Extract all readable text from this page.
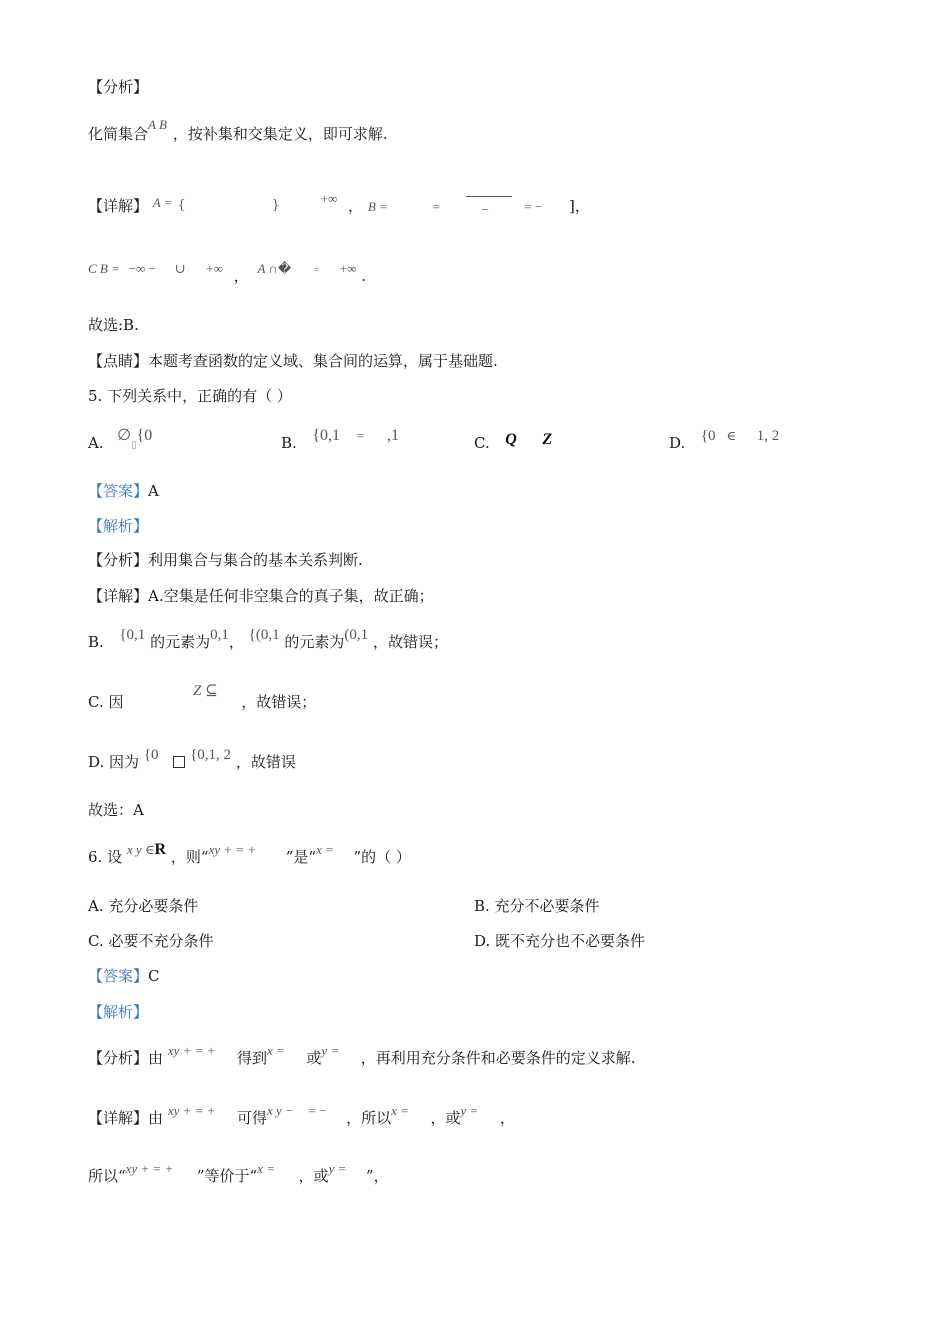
【分析】
化简集合A B，按补集和交集定义，即可求解.
【详解】 A = {	}	+∞ ， B =	=	−	= − ]，
C B = −∞ − ∪ +∞ ， A ∩�	= +∞ .
故选:B.
【点睛】本题考查函数的定义域、集合间的运算，属于基础题.
5. 下列关系中，正确的有（ ）
A. ∅▯{0	B. {0,1 = ,1	C. Q Z	D. {0 ∈ 1, 2
【答案】A
【解析】
【分析】利用集合与集合的基本关系判断.
【详解】A.空集是任何非空集合的真子集，故正确；
B. {0,1 的元素为0,1， {(0,1 的元素为(0,1 ，故错误；
C. 因  Z ⊆  ，故错误；
D. 因为 {0 {0,1, 2 ，故错误
故选：A
6. 设 x y ∈R ，则“xy + = + ”是“x = ”的（ ）
A. 充分必要条件	B. 充分不必要条件
C. 必要不充分条件	D. 既不充分也不必要条件
【答案】C
【解析】
【分析】由 xy + = + 得到x = 或y = ，再利用充分条件和必要条件的定义求解.
【详解】由 xy + = + 可得x y − = − ，所以x = ，或y = ，
所以“xy + = + ”等价于“x = ，或y = ”，
